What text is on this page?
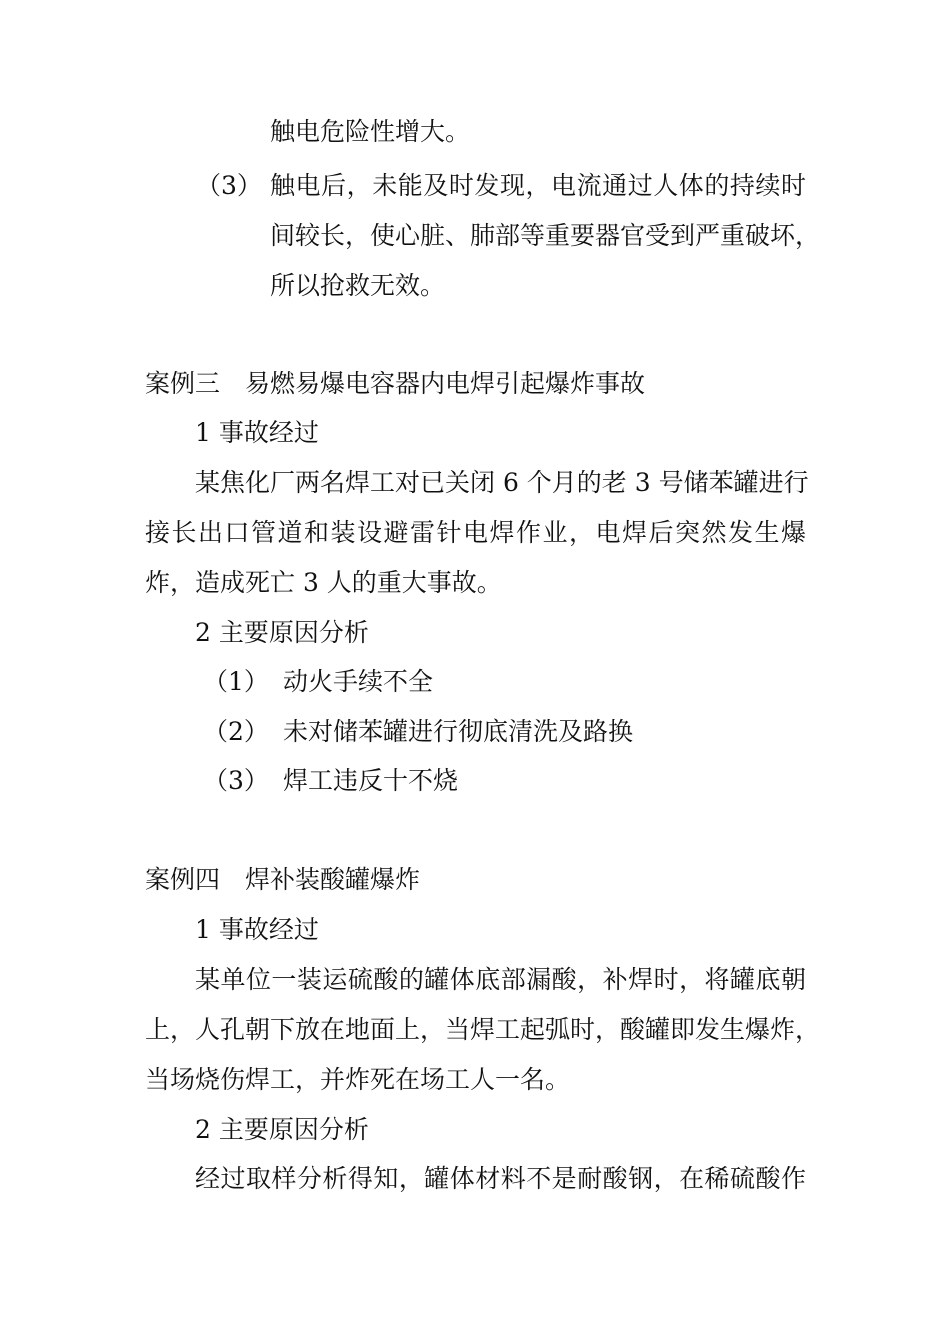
触电危险性增大。
（3） 触电后，未能及时发现，电流通过人体的持续时
间较长，使心脏、肺部等重要器官受到严重破坏，
所以抢救无效。
案例三　易燃易爆电容器内电焊引起爆炸事故
1 事故经过
某焦化厂两名焊工对已关闭 6 个月的老 3 号储苯罐进行
接长出口管道和装设避雷针电焊作业，电焊后突然发生爆
炸，造成死亡 3 人的重大事故。
2 主要原因分析
（1） 动火手续不全
（2） 未对储苯罐进行彻底清洗及路换
（3） 焊工违反十不烧
案例四　焊补装酸罐爆炸
1 事故经过
某单位一装运硫酸的罐体底部漏酸，补焊时，将罐底朝
上，人孔朝下放在地面上，当焊工起弧时，酸罐即发生爆炸，
当场烧伤焊工，并炸死在场工人一名。
2 主要原因分析
经过取样分析得知，罐体材料不是耐酸钢，在稀硫酸作
